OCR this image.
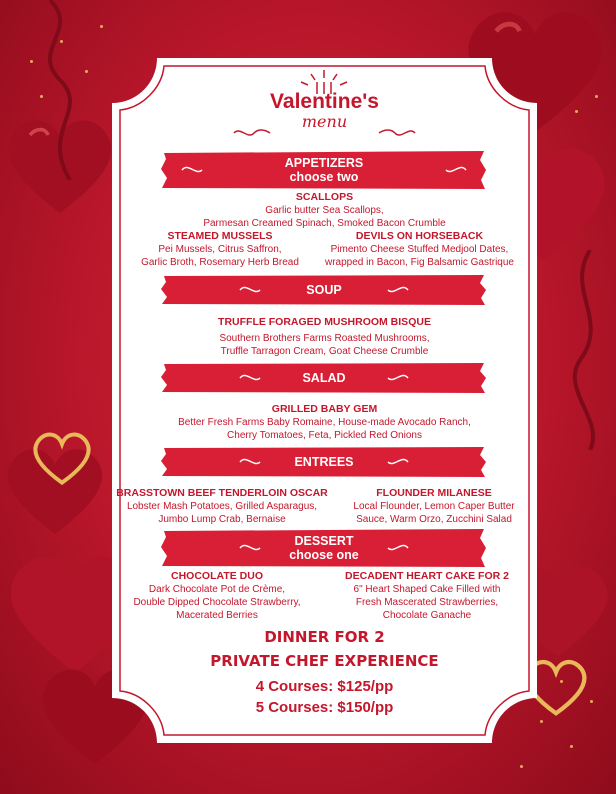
Valentine's
menu
APPETIZERS
choose two
SCALLOPS
Garlic butter Sea Scallops,
Parmesan Creamed Spinach, Smoked Bacon Crumble
STEAMED MUSSELS
Pei Mussels, Citrus Saffron,
Garlic Broth, Rosemary Herb Bread
DEVILS ON HORSEBACK
Pimento Cheese Stuffed Medjool Dates,
wrapped in Bacon, Fig Balsamic Gastrique
SOUP
TRUFFLE FORAGED MUSHROOM BISQUE
Southern Brothers Farms Roasted Mushrooms,
Truffle Tarragon Cream, Goat Cheese Crumble
SALAD
GRILLED BABY GEM
Better Fresh Farms Baby Romaine, House-made Avocado Ranch,
Cherry Tomatoes, Feta, Pickled Red Onions
ENTREES
BRASSTOWN BEEF TENDERLOIN OSCAR
Lobster Mash Potatoes, Grilled Asparagus,
Jumbo Lump Crab, Bernaise
FLOUNDER MILANESE
Local Flounder, Lemon Caper Butter
Sauce, Warm Orzo, Zucchini Salad
DESSERT
choose one
CHOCOLATE DUO
Dark Chocolate Pot de Crème,
Double Dipped Chocolate Strawberry,
Macerated Berries
DECADENT HEART CAKE FOR 2
6" Heart Shaped Cake Filled with
Fresh Mascerated Strawberries,
Chocolate Ganache
DINNER FOR 2
PRIVATE CHEF EXPERIENCE
4 Courses: $125/pp
5 Courses: $150/pp
